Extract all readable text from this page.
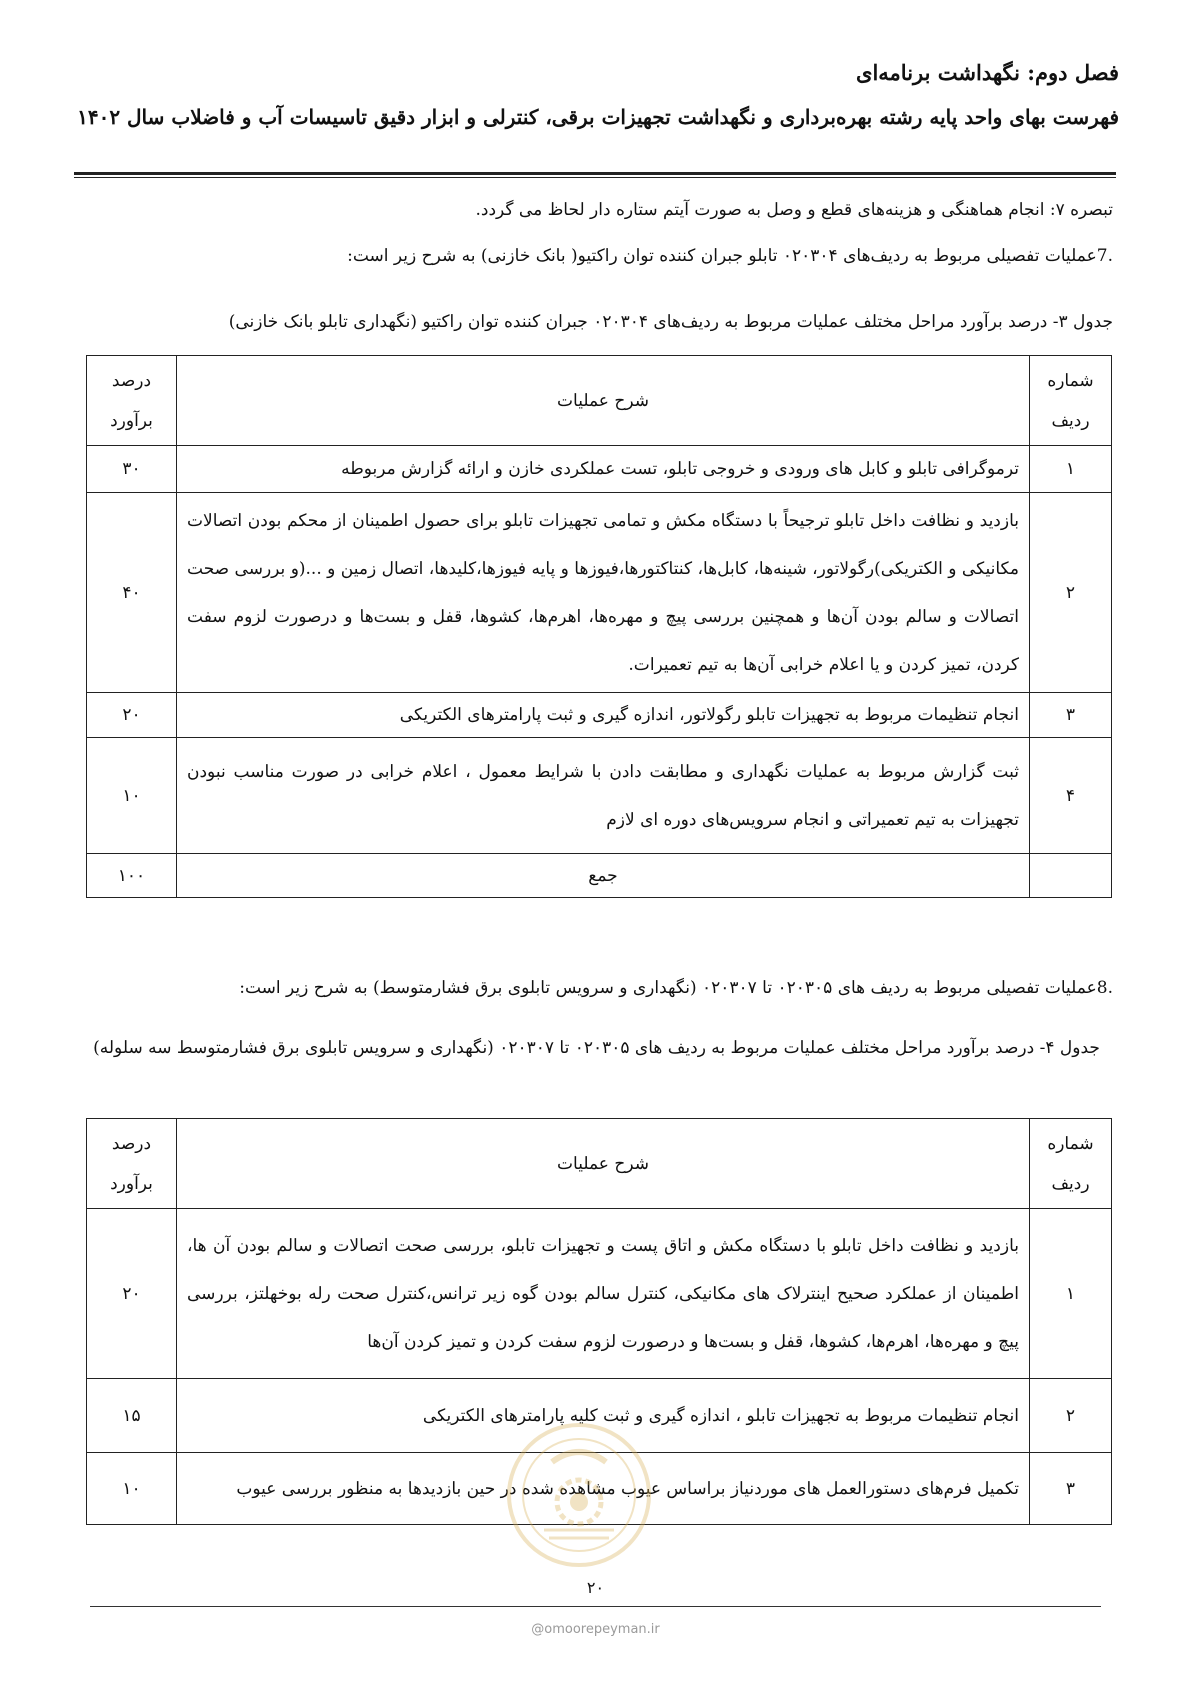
فصل دوم: نگهداشت برنامه‌ای

فهرست بهای واحد پایه رشته بهره‌برداری و نگهداشت تجهیزات برقی، کنترلی و ابزار دقیق تاسیسات آب و فاضلاب سال ۱۴۰۲

تبصره ۷: انجام هماهنگی و هزینه‌های قطع و وصل به صورت آیتم ستاره دار لحاظ می گردد.

.7عملیات تفصیلی مربوط به ردیف‌های ۰۲۰۳۰۴ تابلو جبران کننده توان راکتیو( بانک خازنی) به شرح زیر است:

جدول ۳- درصد برآورد مراحل مختلف عملیات مربوط به ردیف‌های ۰۲۰۳۰۴ جبران کننده توان راکتیو (نگهداری تابلو بانک خازنی)

شماره ردیف	شرح عملیات	درصد برآورد
۱	ترموگرافی تابلو و کابل های ورودی و خروجی تابلو، تست عملکردی خازن و ارائه گزارش مربوطه	۳۰
۲	بازدید و نظافت داخل تابلو ترجیحاً با دستگاه مکش و تمامی تجهیزات تابلو برای حصول اطمینان از محکم بودن اتصالات مکانیکی و الکتریکی)رگولاتور، شینه‌ها، کابل‌ها، کنتاکتورها،فیوزها و پایه فیوزها،کلیدها، اتصال زمین و ...(و بررسی صحت اتصالات و سالم بودن آن‌ها و همچنین بررسی پیچ و مهره‌ها، اهرم‌ها، کشوها، قفل و بست‌ها و درصورت لزوم سفت کردن، تمیز کردن و یا اعلام خرابی آن‌ها به تیم تعمیرات.	۴۰
۳	انجام تنظیمات مربوط به تجهیزات تابلو رگولاتور، اندازه گیری و ثبت پارامترهای الکتریکی	۲۰
۴	ثبت گزارش مربوط به عملیات نگهداری و مطابقت دادن با شرایط معمول ، اعلام خرابی در صورت مناسب نبودن تجهیزات به تیم تعمیراتی و انجام سرویس‌های دوره ای لازم	۱۰
	جمع	۱۰۰

.8عملیات تفصیلی مربوط به ردیف های ۰۲۰۳۰۵ تا ۰۲۰۳۰۷ (نگهداری و سرویس تابلوی برق فشارمتوسط) به شرح زیر است:

جدول ۴- درصد برآورد مراحل مختلف عملیات مربوط به ردیف های ۰۲۰۳۰۵ تا ۰۲۰۳۰۷ (نگهداری و سرویس تابلوی برق فشارمتوسط سه سلوله)

شماره ردیف	شرح عملیات	درصد برآورد
۱	بازدید و نظافت داخل تابلو با دستگاه مکش و اتاق پست و تجهیزات تابلو، بررسی صحت اتصالات و سالم بودن آن ها، اطمینان از عملکرد صحیح اینترلاک های مکانیکی، کنترل سالم بودن گوه زیر ترانس،کنترل صحت رله بوخهلتز، بررسی پیچ و مهره‌ها، اهرم‌ها، کشوها، قفل و بست‌ها و درصورت لزوم سفت کردن و تمیز کردن آن‌ها	۲۰
۲	انجام تنظیمات مربوط به تجهیزات تابلو ، اندازه گیری و ثبت کلیه پارامترهای الکتریکی	۱۵
۳	تکمیل فرم‌های دستورالعمل های موردنیاز براساس عیوب مشاهده شده در حین بازدیدها به منظور بررسی عیوب	۱۰
۲۰
@omoorepeyman.ir
